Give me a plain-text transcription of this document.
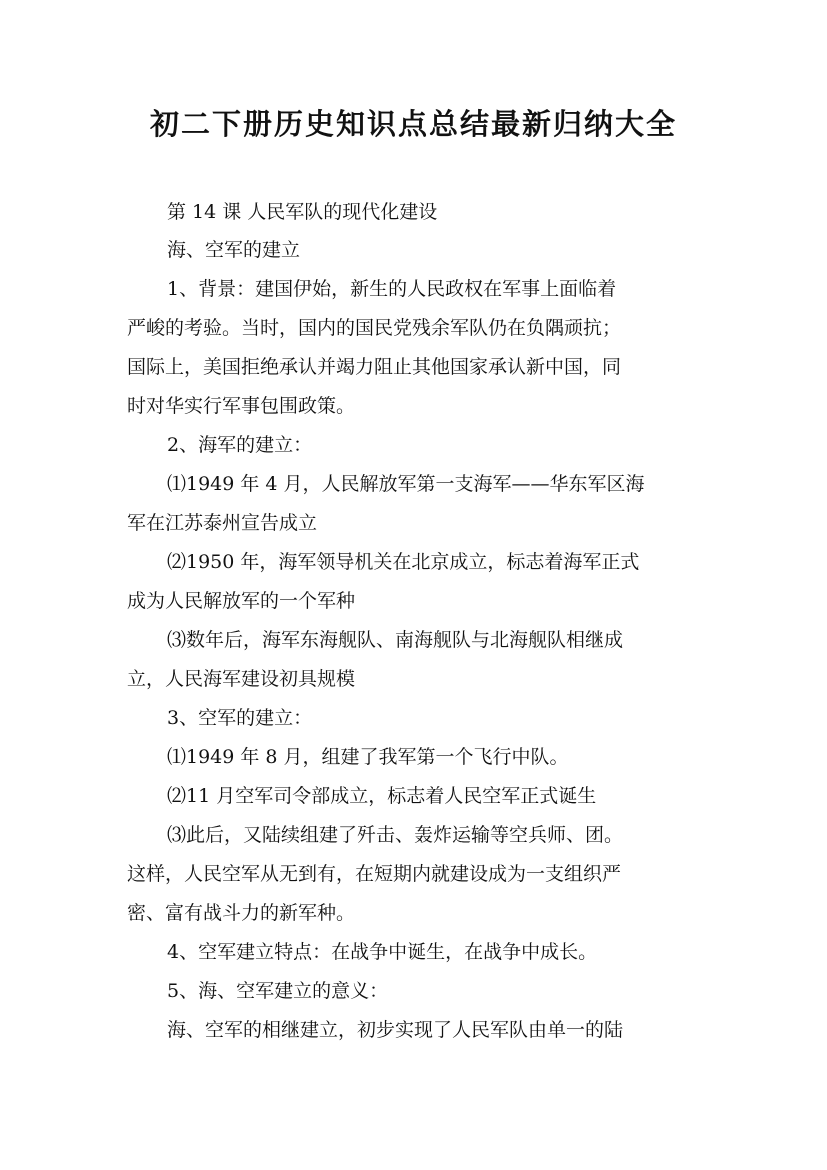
初二下册历史知识点总结最新归纳大全
第 14 课 人民军队的现代化建设
海、空军的建立
1、背景：建国伊始，新生的人民政权在军事上面临着
严峻的考验。当时，国内的国民党残余军队仍在负隅顽抗；
国际上，美国拒绝承认并竭力阻止其他国家承认新中国，同
时对华实行军事包围政策。
2、海军的建立：
⑴1949 年 4 月，人民解放军第一支海军——华东军区海
军在江苏泰州宣告成立
⑵1950 年，海军领导机关在北京成立，标志着海军正式
成为人民解放军的一个军种
⑶数年后，海军东海舰队、南海舰队与北海舰队相继成
立，人民海军建设初具规模
3、空军的建立：
⑴1949 年 8 月，组建了我军第一个飞行中队。
⑵11 月空军司令部成立，标志着人民空军正式诞生
⑶此后，又陆续组建了歼击、轰炸运输等空兵师、团。
这样，人民空军从无到有，在短期内就建设成为一支组织严
密、富有战斗力的新军种。
4、空军建立特点：在战争中诞生，在战争中成长。
5、海、空军建立的意义：
海、空军的相继建立，初步实现了人民军队由单一的陆
